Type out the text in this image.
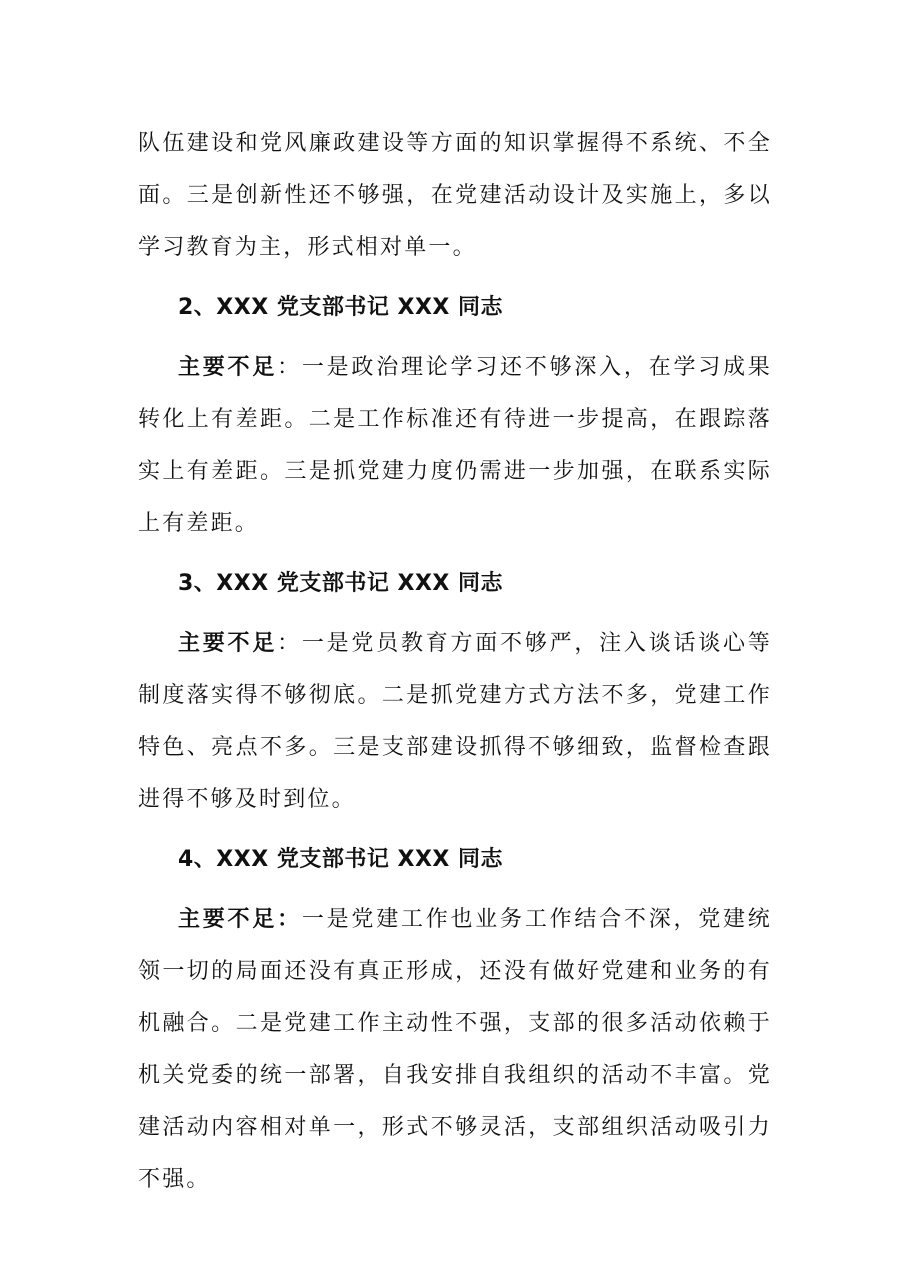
队伍建设和党风廉政建设等方面的知识掌握得不系统、不全面。三是创新性还不够强，在党建活动设计及实施上，多以学习教育为主，形式相对单一。

2、XXX 党支部书记 XXX 同志

主要不足：一是政治理论学习还不够深入，在学习成果转化上有差距。二是工作标准还有待进一步提高，在跟踪落实上有差距。三是抓党建力度仍需进一步加强，在联系实际上有差距。

3、XXX 党支部书记 XXX 同志

主要不足：一是党员教育方面不够严，注入谈话谈心等制度落实得不够彻底。二是抓党建方式方法不多，党建工作特色、亮点不多。三是支部建设抓得不够细致，监督检查跟进得不够及时到位。

4、XXX 党支部书记 XXX 同志

主要不足：一是党建工作也业务工作结合不深，党建统领一切的局面还没有真正形成，还没有做好党建和业务的有机融合。二是党建工作主动性不强，支部的很多活动依赖于机关党委的统一部署，自我安排自我组织的活动不丰富。党建活动内容相对单一，形式不够灵活，支部组织活动吸引力不强。
